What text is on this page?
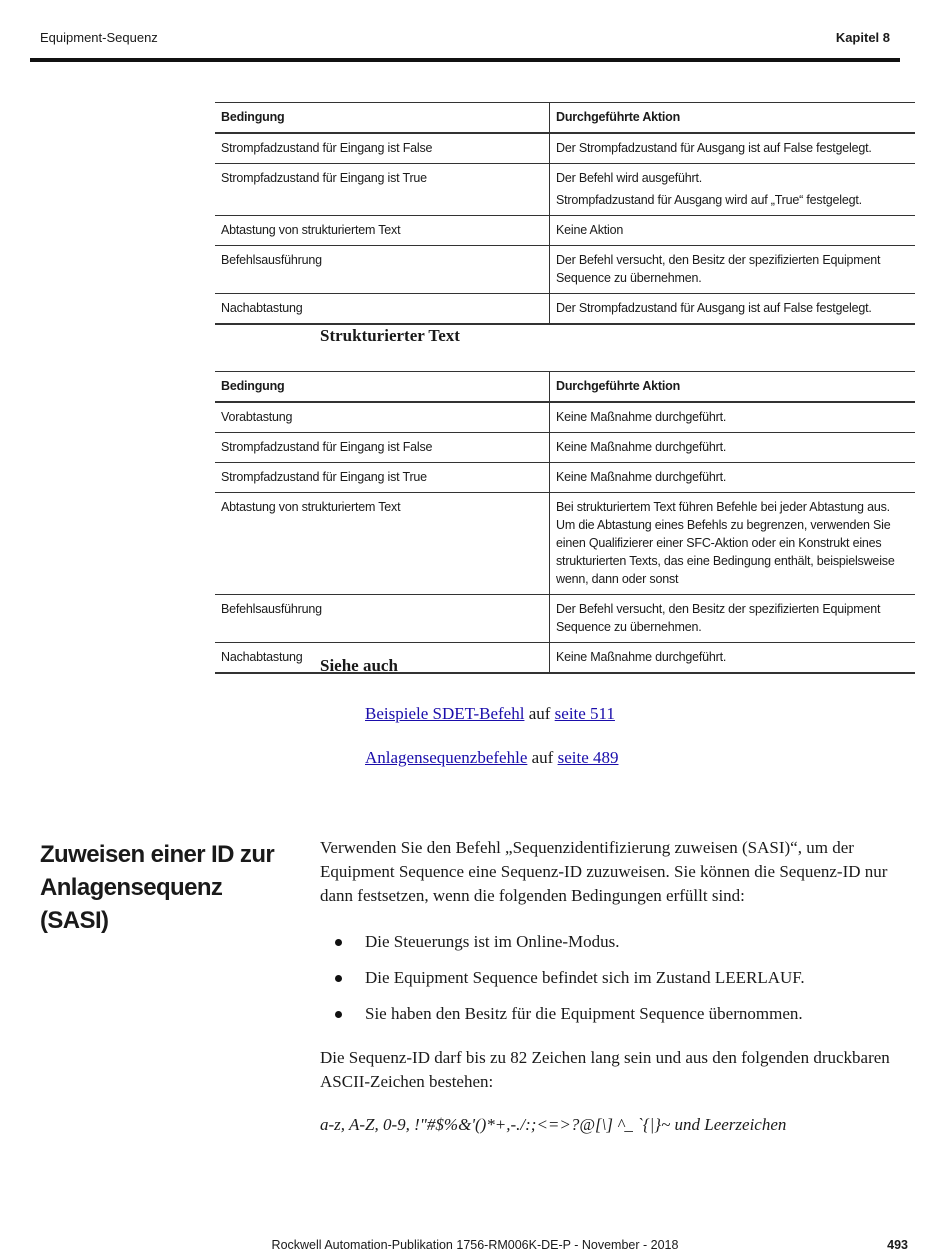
Equipment-Sequenz	Kapitel 8
Bedingung	Durchgeführte Aktion
Strompfadzustand für Eingang ist False	Der Strompfadzustand für Ausgang ist auf False festgelegt.
Strompfadzustand für Eingang ist True	Der Befehl wird ausgeführt.
Strompfadzustand für Ausgang wird auf „True“ festgelegt.

Abtastung von strukturiertem Text	Keine Aktion
Befehlsausführung	Der Befehl versucht, den Besitz der spezifizierten Equipment Sequence zu übernehmen.
Nachabtastung	Der Strompfadzustand für Ausgang ist auf False festgelegt.
Strukturierter Text
Bedingung	Durchgeführte Aktion
Vorabtastung	Keine Maßnahme durchgeführt.
Strompfadzustand für Eingang ist False	Keine Maßnahme durchgeführt.
Strompfadzustand für Eingang ist True	Keine Maßnahme durchgeführt.
Abtastung von strukturiertem Text	Bei strukturiertem Text führen Befehle bei jeder Abtastung aus. Um die Abtastung eines Befehls zu begrenzen, verwenden Sie einen Qualifizierer einer SFC-Aktion oder ein Konstrukt eines strukturierten Texts, das eine Bedingung enthält, beispielsweise wenn, dann oder sonst
Befehlsausführung	Der Befehl versucht, den Besitz der spezifizierten Equipment Sequence zu übernehmen.
Nachabtastung	Keine Maßnahme durchgeführt.
Siehe auch
Beispiele SDET-Befehl auf seite 511
Anlagensequenzbefehle auf seite 489
Zuweisen einer ID zur
Anlagensequenz (SASI)
Verwenden Sie den Befehl „Sequenzidentifizierung zuweisen (SASI)“, um der Equipment Sequence eine Sequenz-ID zuzuweisen. Sie können die Sequenz-ID nur dann festsetzen, wenn die folgenden Bedingungen erfüllt sind:
Die Steuerungs ist im Online-Modus.
Die Equipment Sequence befindet sich im Zustand LEERLAUF.
Sie haben den Besitz für die Equipment Sequence übernommen.
Die Sequenz-ID darf bis zu 82 Zeichen lang sein und aus den folgenden druckbaren ASCII-Zeichen bestehen:
a-z, A-Z, 0-9, !"#$%&'()*+,-./:;<=>?@[\] ^_ `{|}~ und Leerzeichen
Rockwell Automation-Publikation 1756-RM006K-DE-P - November - 2018	493
